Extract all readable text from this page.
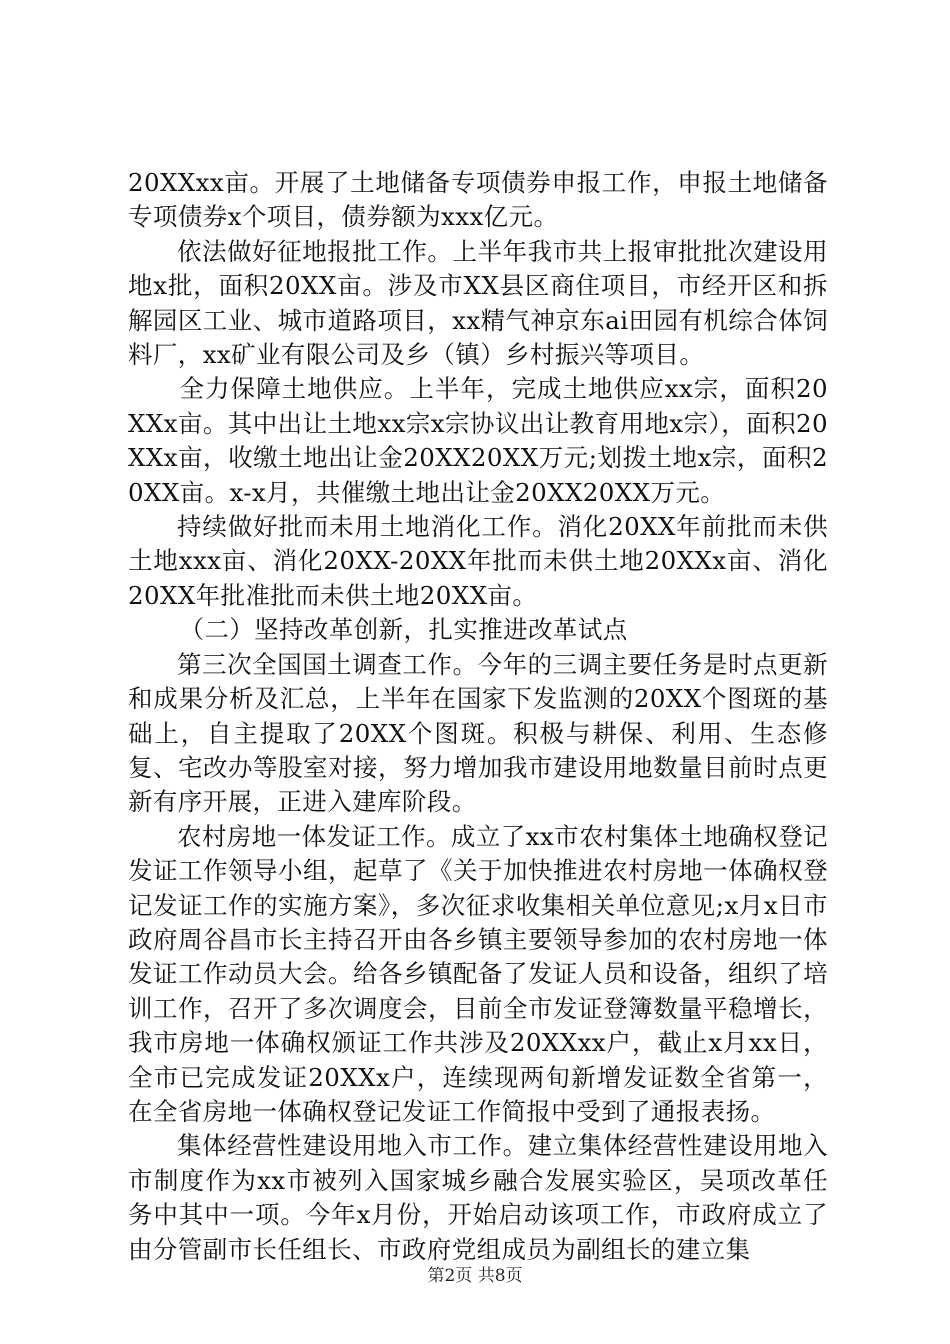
20XXxx亩。开展了土地储备专项债券申报工作，申报土地储备专项债券x个项目，债券额为xxx亿元。

依法做好征地报批工作。上半年我市共上报审批批次建设用地x批，面积20XX亩。涉及市XX县区商住项目，市经开区和拆解园区工业、城市道路项目，xx精气神京东ai田园有机综合体饲料厂，xx矿业有限公司及乡（镇）乡村振兴等项目。

全力保障土地供应。上半年，完成土地供应xx宗，面积20XXx亩。其中出让土地xx宗x宗协议出让教育用地x宗），面积20XXx亩，收缴土地出让金20XX20XX万元;划拨土地x宗，面积20XX亩。x-x月，共催缴土地出让金20XX20XX万元。

持续做好批而未用土地消化工作。消化20XX年前批而未供土地xxx亩、消化20XX-20XX年批而未供土地20XXx亩、消化20XX年批准批而未供土地20XX亩。

（二）坚持改革创新，扎实推进改革试点

第三次全国国土调查工作。今年的三调主要任务是时点更新和成果分析及汇总，上半年在国家下发监测的20XX个图斑的基础上，自主提取了20XX个图斑。积极与耕保、利用、生态修复、宅改办等股室对接，努力增加我市建设用地数量目前时点更新有序开展，正进入建库阶段。

农村房地一体发证工作。成立了xx市农村集体土地确权登记发证工作领导小组，起草了《关于加快推进农村房地一体确权登记发证工作的实施方案》，多次征求收集相关单位意见;x月x日市政府周谷昌市长主持召开由各乡镇主要领导参加的农村房地一体发证工作动员大会。给各乡镇配备了发证人员和设备，组织了培训工作，召开了多次调度会，目前全市发证登簿数量平稳增长，我市房地一体确权颁证工作共涉及20XXxx户，截止x月xx日，全市已完成发证20XXx户，连续现两旬新增发证数全省第一，在全省房地一体确权登记发证工作简报中受到了通报表扬。

集体经营性建设用地入市工作。建立集体经营性建设用地入市制度作为xx市被列入国家城乡融合发展实验区，吴项改革任务中其中一项。今年x月份，开始启动该项工作，市政府成立了由分管副市长任组长、市政府党组成员为副组长的建立集

第2页 共8页
